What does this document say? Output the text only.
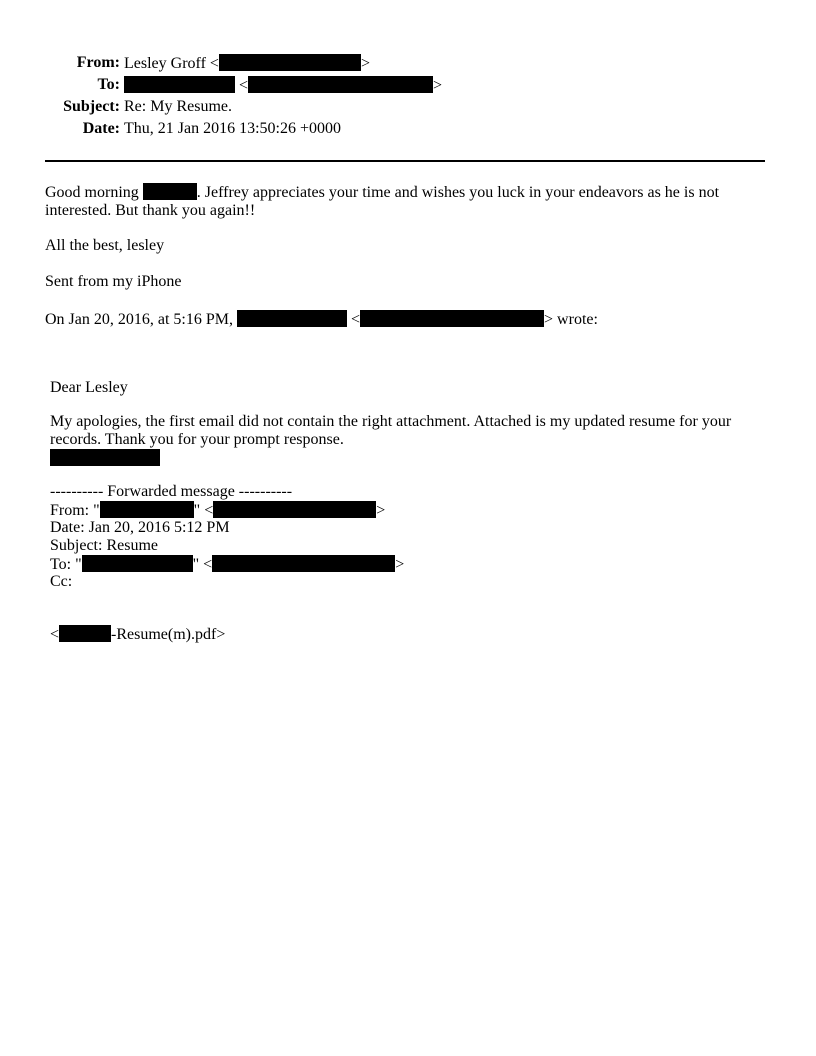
From: Lesley Groff <	>
To:	<	>
Subject: Re: My Resume.
Date: Thu, 21 Jan 2016 13:50:26 +0000
Good morning	. Jeffrey appreciates your time and wishes you luck in your endeavors as he is not
interested. But thank you again!!
All the best, lesley
Sent from my iPhone
On Jan 20, 2016, at 5:16 PM,	<	> wrote:
Dear Lesley
My apologies, the first email did not contain the right attachment. Attached is my updated resume for your
records. Thank you for your prompt response.
---------- Forwarded message ----------
From: "	" <	>
Date: Jan 20, 2016 5:12 PM
Subject: Resume
To: "	" <	>
Cc:
<	-Resume(m).pdf>
